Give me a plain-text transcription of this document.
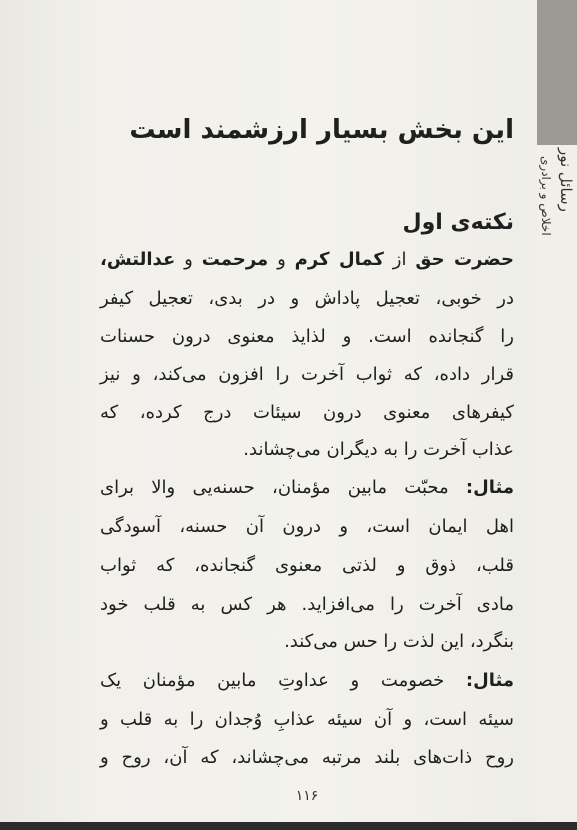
رسائل نور
اخلاص و برادری
این بخش بسیار ارزشمند است
نکته‌ی اول
حضرت حق از کمال کرم و مرحمت و عدالتش،
در خوبی، تعجیل پاداش و در بدی، تعجیل کیفر
را گنجانده است. و لذایذ معنوی درون حسنات
قرار داده، که ثواب آخرت را افزون می‌کند، و نیز
کیفرهای معنوی درون سیئات درج کرده، که
عذاب آخرت را به دیگران می‌چشاند.
مثال: محبّت مابین مؤمنان، حسنه‌یی والا برای
اهل ایمان است، و درون آن حسنه، آسودگی
قلب، ذوق و لذتی معنوی گنجانده، که ثواب
مادی آخرت را می‌افزاید. هر کس به قلب خود
بنگرد، این لذت را حس می‌کند.
مثال: خصومت و عداوتِ مابین مؤمنان یک
سیئه است، و آن سیئه عذابِ وُجدان را به قلب و
روح ذات‌های بلند مرتبه می‌چشاند، که آن، روح و
۱۱۶
